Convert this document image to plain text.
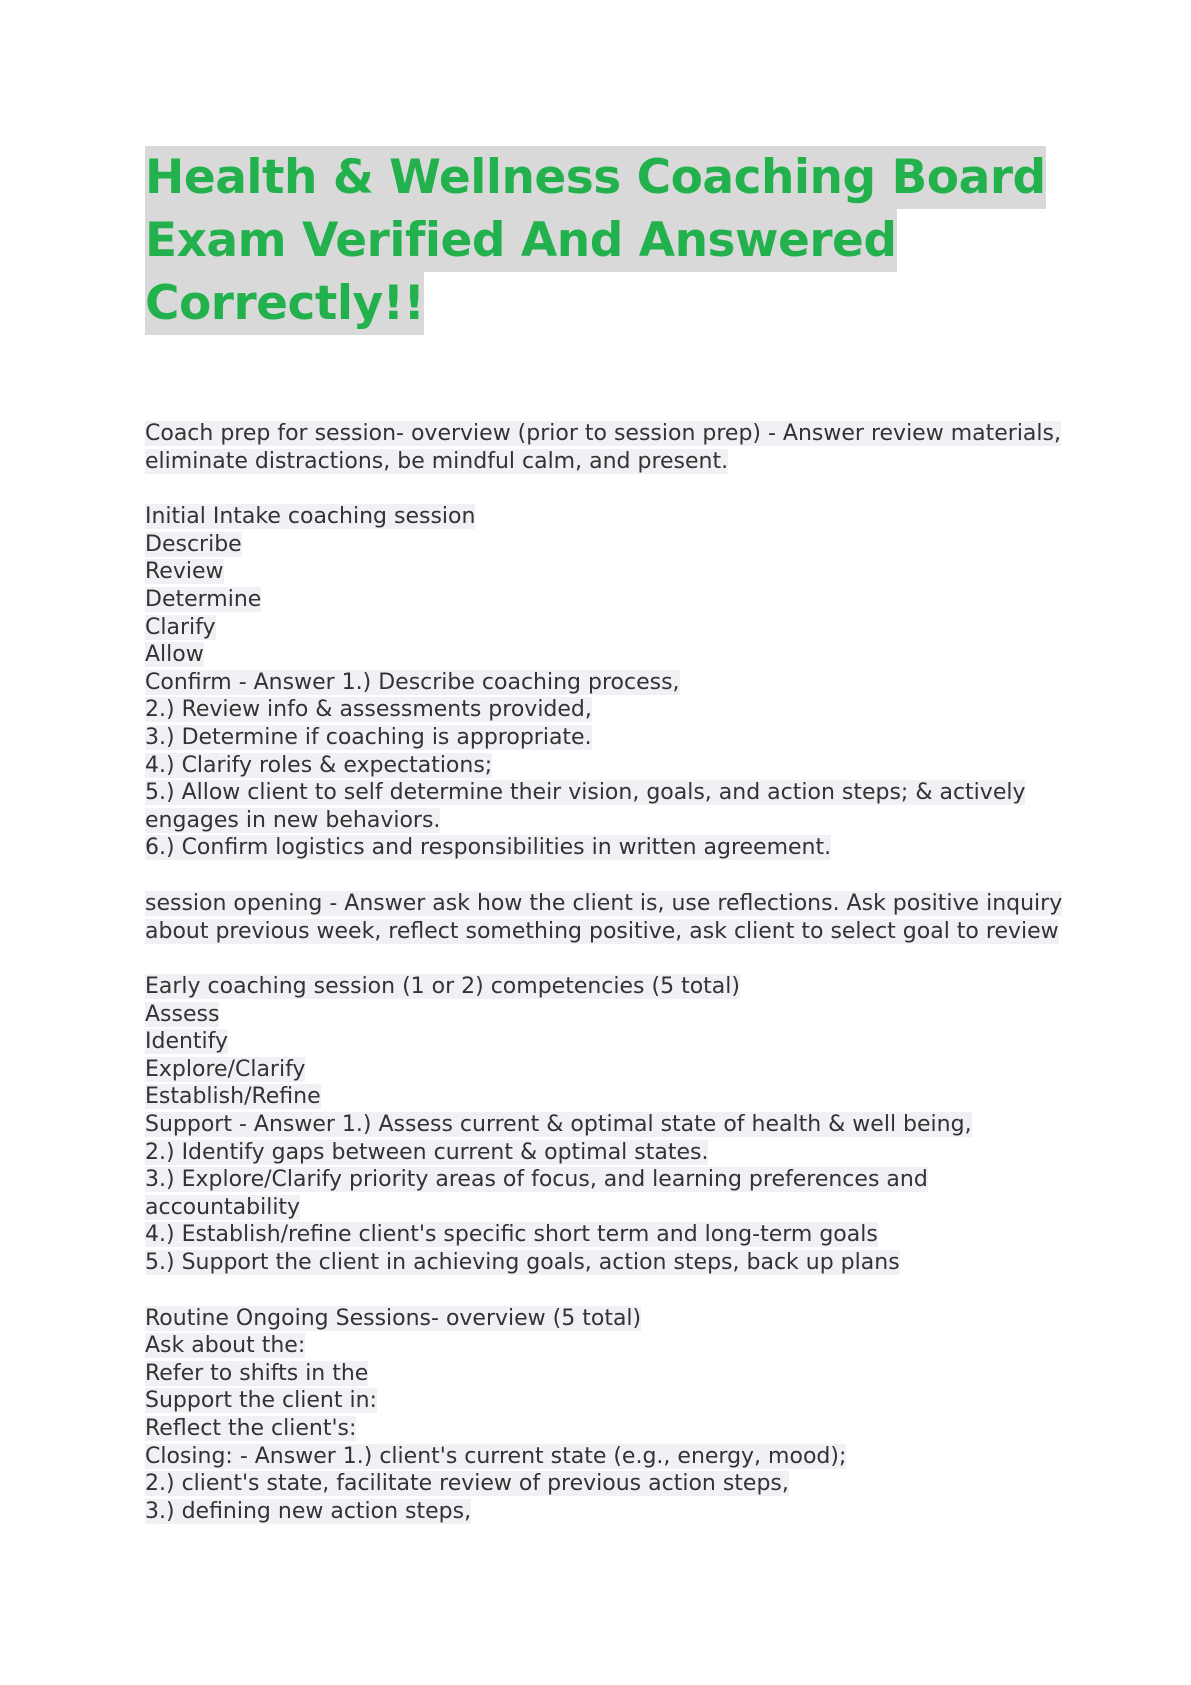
Health & Wellness Coaching Board
Exam Verified And Answered
Correctly!!
Coach prep for session- overview (prior to session prep) - Answer review materials,
eliminate distractions, be mindful calm, and present.
Initial Intake coaching session
Describe
Review
Determine
Clarify
Allow
Confirm - Answer 1.) Describe coaching process,
2.) Review info & assessments provided,
3.) Determine if coaching is appropriate.
4.) Clarify roles & expectations;
5.) Allow client to self determine their vision, goals, and action steps; & actively
engages in new behaviors.
6.) Confirm logistics and responsibilities in written agreement.
session opening - Answer ask how the client is, use reflections. Ask positive inquiry
about previous week, reflect something positive, ask client to select goal to review
Early coaching session (1 or 2) competencies (5 total)
Assess
Identify
Explore/Clarify
Establish/Refine
Support - Answer 1.) Assess current & optimal state of health & well being,
2.) Identify gaps between current & optimal states.
3.) Explore/Clarify priority areas of focus, and learning preferences and
accountability
4.) Establish/refine client's specific short term and long-term goals
5.) Support the client in achieving goals, action steps, back up plans
Routine Ongoing Sessions- overview (5 total)
Ask about the:
Refer to shifts in the
Support the client in:
Reflect the client's:
Closing: - Answer 1.) client's current state (e.g., energy, mood);
2.) client's state, facilitate review of previous action steps,
3.) defining new action steps,
